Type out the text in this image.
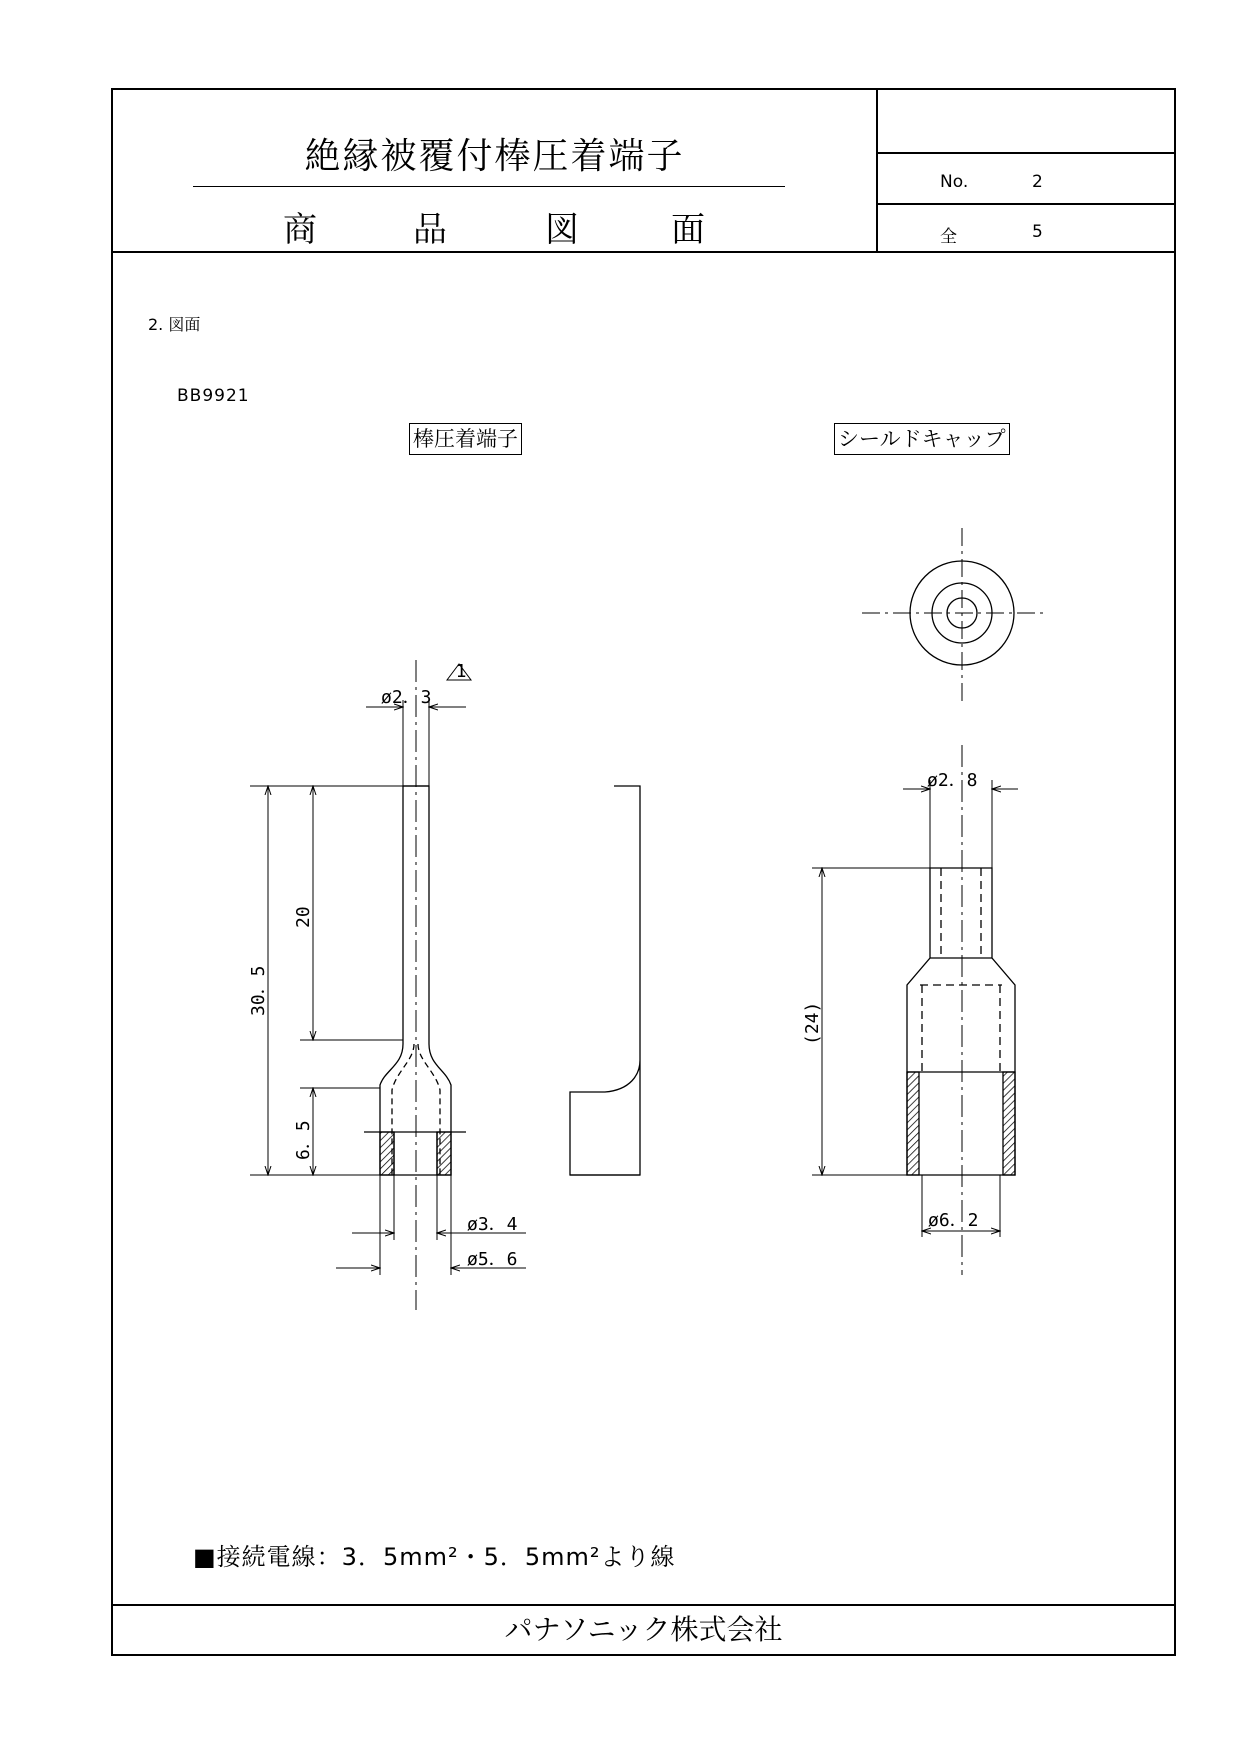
絶縁被覆付棒圧着端子
商	品	図	面
No.	2
全	5
2. 図面
BB9921
棒圧着端子	シールドキャップ
■接続電線：3．5mm²・5．5mm²より線
パナソニック株式会社
1
ø2．3
30．5
20
6．5
ø3．4
ø5．6
ø2．8
(24)
ø6．2
